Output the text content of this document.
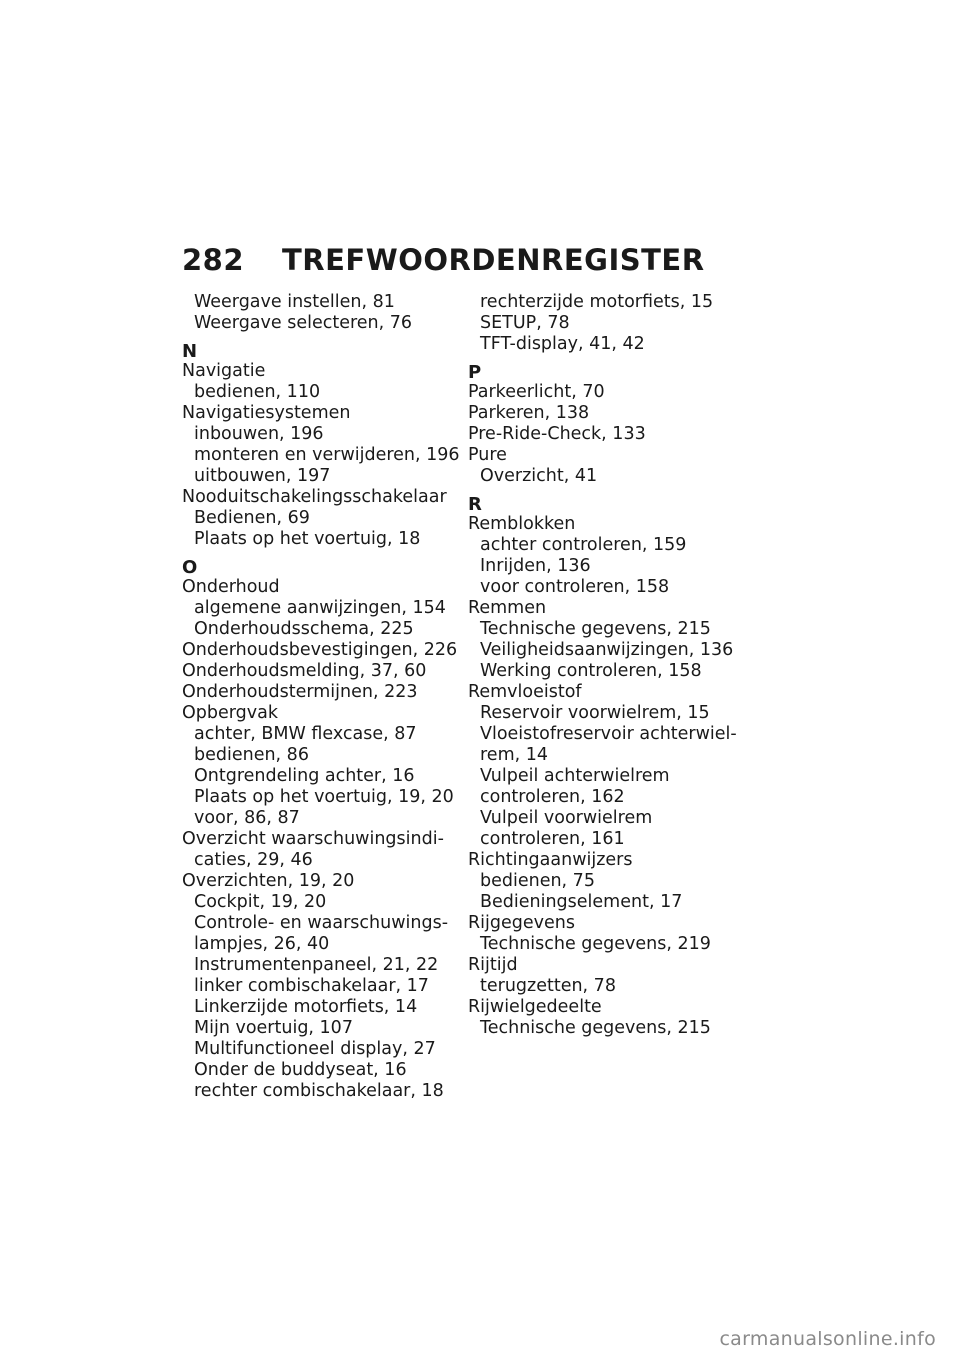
282	TREFWOORDENREGISTER
Weergave instellen, 81
Weergave selecteren, 76
N
Navigatie
bedienen, 110
Navigatiesystemen
inbouwen, 196
monteren en verwijderen, 196
uitbouwen, 197
Nooduitschakelingsschakelaar
Bedienen, 69
Plaats op het voertuig, 18
O
Onderhoud
algemene aanwijzingen, 154
Onderhoudsschema, 225
Onderhoudsbevestigingen, 226
Onderhoudsmelding, 37, 60
Onderhoudstermijnen, 223
Opbergvak
achter, BMW flexcase, 87
bedienen, 86
Ontgrendeling achter, 16
Plaats op het voertuig, 19, 20
voor, 86, 87
Overzicht waarschuwingsindi-
caties, 29, 46
Overzichten, 19, 20
Cockpit, 19, 20
Controle- en waarschuwings-
lampjes, 26, 40
Instrumentenpaneel, 21, 22
linker combischakelaar, 17
Linkerzijde motorfiets, 14
Mijn voertuig, 107
Multifunctioneel display, 27
Onder de buddyseat, 16
rechter combischakelaar, 18
rechterzijde motorfiets, 15
SETUP, 78
TFT-display, 41, 42
P
Parkeerlicht, 70
Parkeren, 138
Pre-Ride-Check, 133
Pure
Overzicht, 41
R
Remblokken
achter controleren, 159
Inrijden, 136
voor controleren, 158
Remmen
Technische gegevens, 215
Veiligheidsaanwijzingen, 136
Werking controleren, 158
Remvloeistof
Reservoir voorwielrem, 15
Vloeistofreservoir achterwiel-
rem, 14
Vulpeil achterwielrem
controleren, 162
Vulpeil voorwielrem
controleren, 161
Richtingaanwijzers
bedienen, 75
Bedieningselement, 17
Rijgegevens
Technische gegevens, 219
Rijtijd
terugzetten, 78
Rijwielgedeelte
Technische gegevens, 215
carmanualsonline.info
